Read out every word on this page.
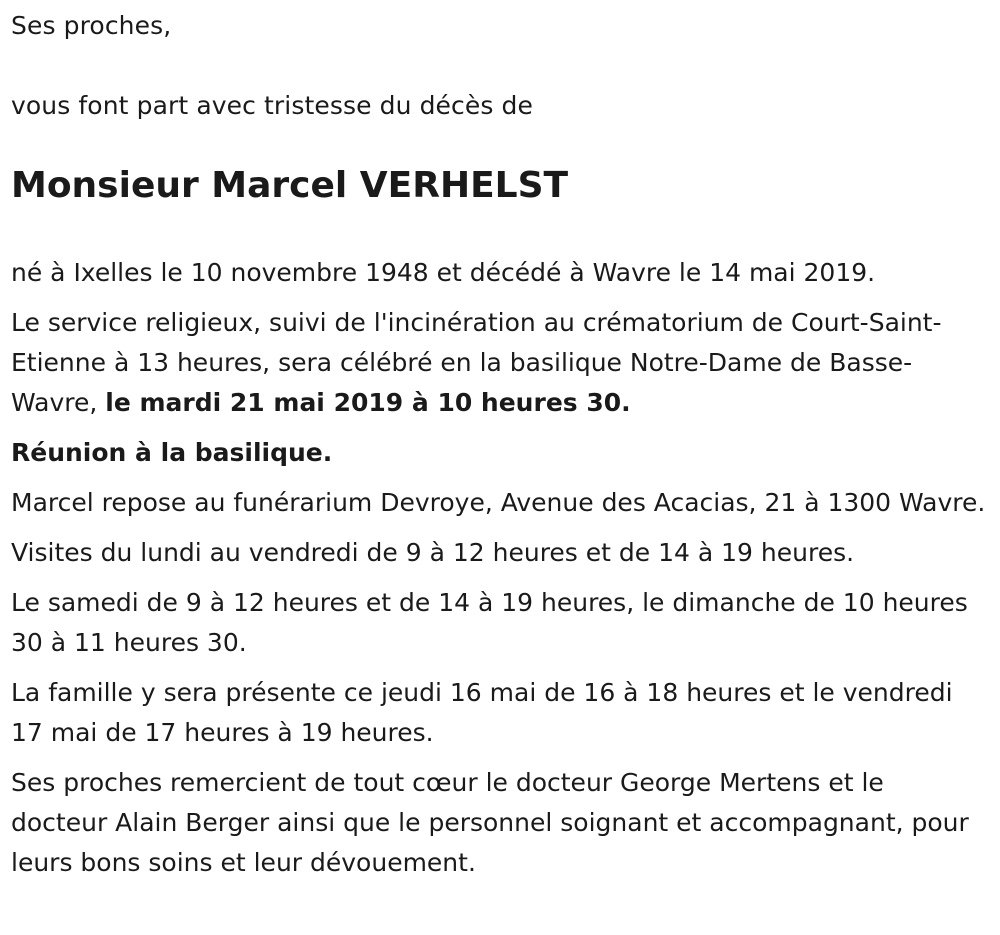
Ses proches,

vous font part avec tristesse du décès de

Monsieur Marcel VERHELST

né à Ixelles le 10 novembre 1948 et décédé à Wavre le 14 mai 2019.

Le service religieux, suivi de l'incinération au crématorium de Court-Saint-Etienne à 13 heures, sera célébré en la basilique Notre-Dame de Basse-Wavre, le mardi 21 mai 2019 à 10 heures 30.

Réunion à la basilique.

Marcel repose au funérarium Devroye, Avenue des Acacias, 21 à 1300 Wavre.

Visites du lundi au vendredi de 9 à 12 heures et de 14 à 19 heures.

Le samedi de 9 à 12 heures et de 14 à 19 heures, le dimanche de 10 heures 30 à 11 heures 30.

La famille y sera présente ce jeudi 16 mai de 16 à 18 heures et le vendredi 17 mai de 17 heures à 19 heures.

Ses proches remercient de tout cœur le docteur George Mertens et le docteur Alain Berger ainsi que le personnel soignant et accompagnant, pour leurs bons soins et leur dévouement.
